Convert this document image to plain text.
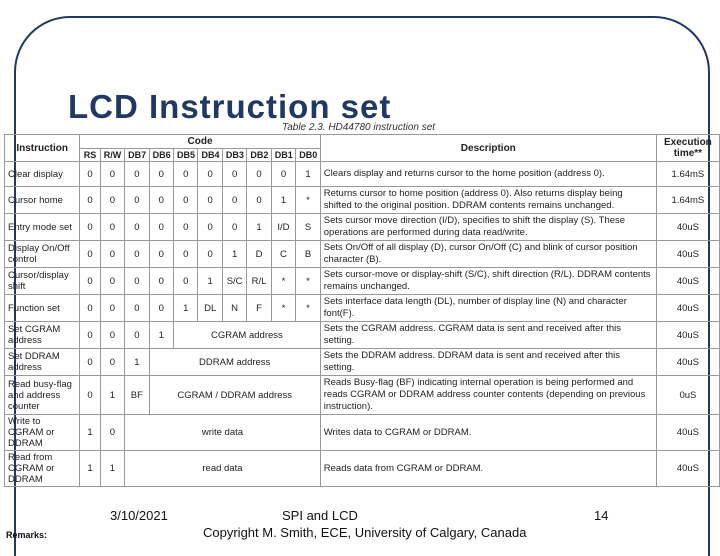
LCD Instruction set
Table 2.3. HD44780 instruction set
Instruction	Code										Description	Execution time**
	RS	R/W	DB7	DB6	DB5	DB4	DB3	DB2	DB1	DB0		
Clear display	0	0	0	0	0	0	0	0	0	1	Clears display and returns cursor to the home position (address 0).	1.64mS
Cursor home	0	0	0	0	0	0	0	0	1	*	Returns cursor to home position (address 0). Also returns display being shifted to the original position. DDRAM contents remains unchanged.	1.64mS
Entry mode set	0	0	0	0	0	0	0	1	I/D	S	Sets cursor move direction (I/D), specifies to shift the display (S). These operations are performed during data read/write.	40uS
Display On/Off control	0	0	0	0	0	0	1	D	C	B	Sets On/Off of all display (D), cursor On/Off (C) and blink of cursor position character (B).	40uS
Cursor/display shift	0	0	0	0	0	1	S/C	R/L	*	*	Sets cursor-move or display-shift (S/C), shift direction (R/L). DDRAM contents remains unchanged.	40uS
Function set	0	0	0	0	1	DL	N	F	*	*	Sets interface data length (DL), number of display line (N) and character font(F).	40uS
Set CGRAM address	0	0	0	1	CGRAM address						Sets the CGRAM address. CGRAM data is sent and received after this setting.	40uS
Set DDRAM address	0	0	1	DDRAM address							Sets the DDRAM address. DDRAM data is sent and received after this setting.	40uS
Read busy-flag and address counter	0	1	BF	CGRAM / DDRAM address							Reads Busy-flag (BF) indicating internal operation is being performed and reads CGRAM or DDRAM address counter contents (depending on previous instruction).	0uS
Write to CGRAM or DDRAM	1	0	write data								Writes data to CGRAM or DDRAM.	40uS
Read from CGRAM or DDRAM	1	1	read data								Reads data from CGRAM or DDRAM.	40uS
3/10/2021	SPI and LCD	14
Copyright M. Smith, ECE, University of Calgary, Canada
Remarks:
